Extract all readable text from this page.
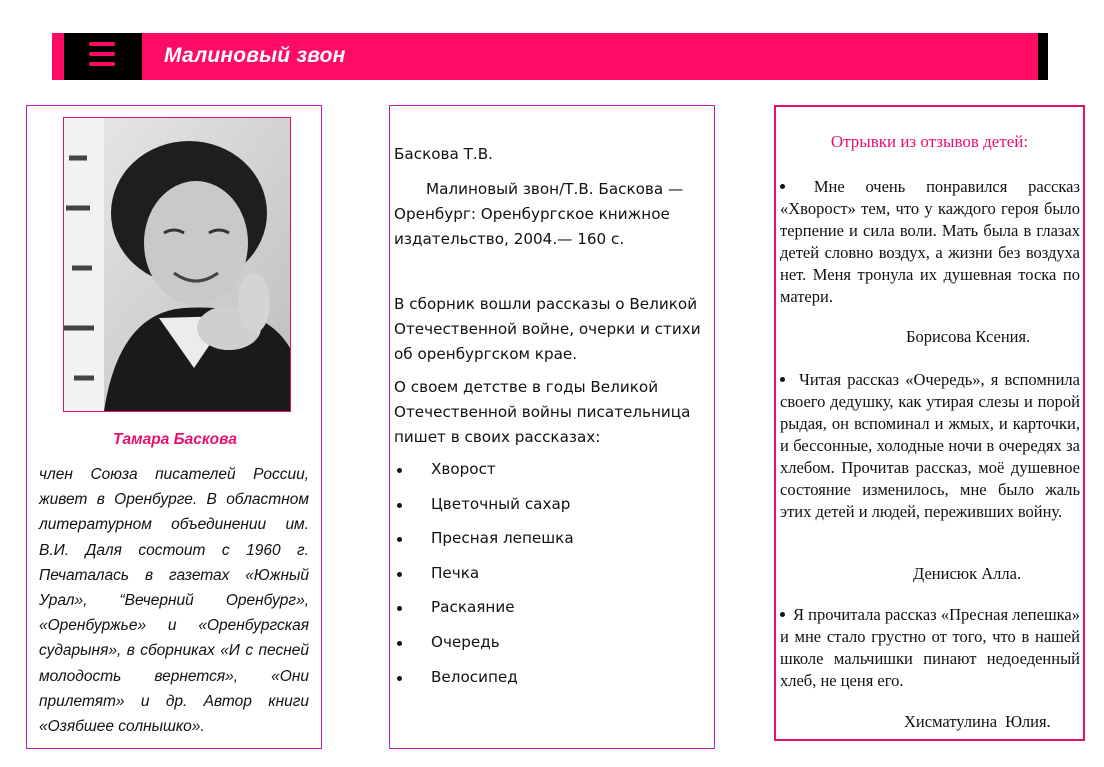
Малиновый звон
Тамара Баскова
член Союза писателей России, живет в Оренбурге. В областном литературном объединении им. В.И. Даля состоит с 1960 г. Печаталась в газетах «Южный Урал», “Вечерний Оренбург», «Оренбуржье» и «Оренбургская сударыня», в сборниках «И с песней молодость вернется», «Они прилетят» и др. Автор книги «Озябшее солнышко».

Баскова Т.В.

Малиновый звон/Т.В. Баскова — Оренбург: Оренбургское книжное издательство, 2004.— 160 с.

В сборник вошли рассказы о Великой Отечественной войне, очерки и стихи об оренбургском крае.

О своем детстве в годы Великой Отечественной войны писательница пишет в своих рассказах:

Хворост
Цветочный сахар
Пресная лепешка
Печка
Раскаяние
Очередь
Велосипед
Отрывки из отзывов детей:
Мне очень понравился рассказ «Хворост» тем, что у каждого героя было терпение и сила воли. Мать была в глазах детей словно воздух, а жизни без воздуха нет. Меня тронула их душевная тоска по матери.
Борисова Ксения.
Читая рассказ «Очередь», я вспомнила своего дедушку, как утирая слезы и порой рыдая, он вспоминал и жмых, и карточки, и бессонные, холодные ночи в очередях за хлебом. Прочитав рассказ, моё душевное состояние изменилось, мне было жаль этих детей и людей, переживших войну.
Денисюк Алла.
Я прочитала рассказ «Пресная лепешка» и мне стало грустно от того, что в нашей школе мальчишки пинают недоеденный хлеб, не ценя его.
Хисматулина Юлия.
